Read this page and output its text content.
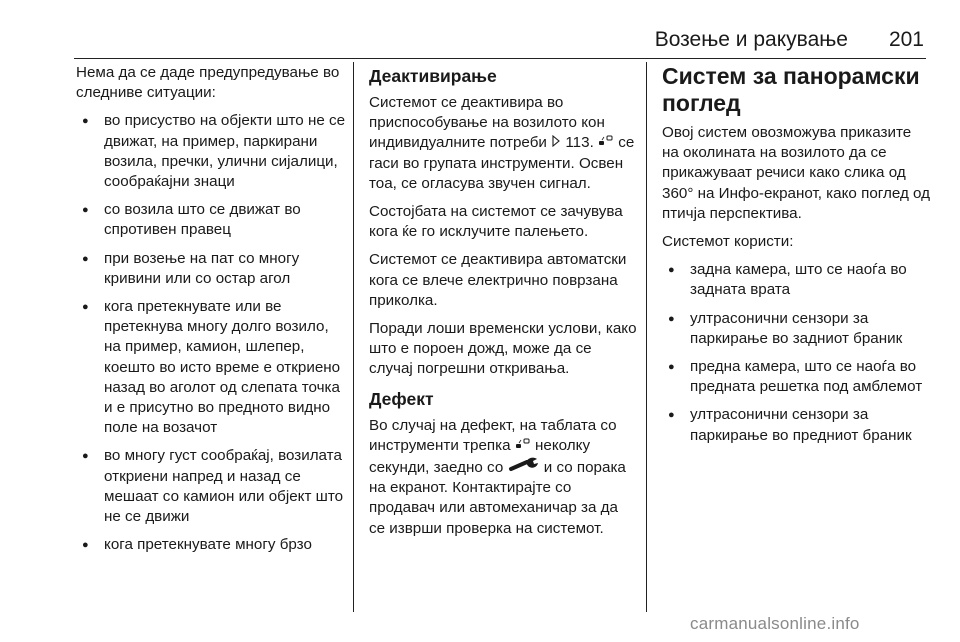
Возење и ракување 201

Нема да се даде предупредување во следниве ситуации:

● во присуство на објекти што не се движат, на пример, паркирани возила, пречки, улични сијалици, сообраќајни знаци
● со возила што се движат во спротивен правец
● при возење на пат со многу кривини или со остар агол
● кога претекнувате или ве претекнува многу долго возило, на пример, камион, шлепер, коешто во исто време е откриено назад во аголот од слепата точка и е присутно во предното видно поле на возачот
● во многу густ сообраќај, возилата откриени напред и назад се мешаат со камион или објект што не се движи
● кога претекнувате многу брзо
Деактивирање

Системот се деактивира во приспособувањe на возилото кон индивидуалните потреби 113. се гаси во групата инструменти. Освен тоа, се огласува звучен сигнал.

Состојбата на системот се зачувува кога ќе го исклучите палењето.

Системот се деактивира автоматски кога се влече електрично поврзана приколка.

Поради лоши временски услови, како што е пороен дожд, може да се случај погрешни откривања.

Дефект

Во случај на дефект, на таблата со инструменти трепка неколку секунди, заедно со	и со порака на екранот. Контактирајте со продавач или автомеханичар за да се изврши проверка на системот.

Систем за панорамски поглед

Овој систем овозможува приказите на околината на возилото да се прикажуваат речиси како слика од 360° на Инфо-екранот, како поглед од птичја перспектива.

Системот користи:

● задна камера, што се наоѓа во задната врата
● ултрасонични сензори за паркирање во задниот браник
● предна камера, што се наоѓа во предната решетка под амблемот
● ултрасонични сензори за паркирање во предниот браник
carmanualsonline.info
